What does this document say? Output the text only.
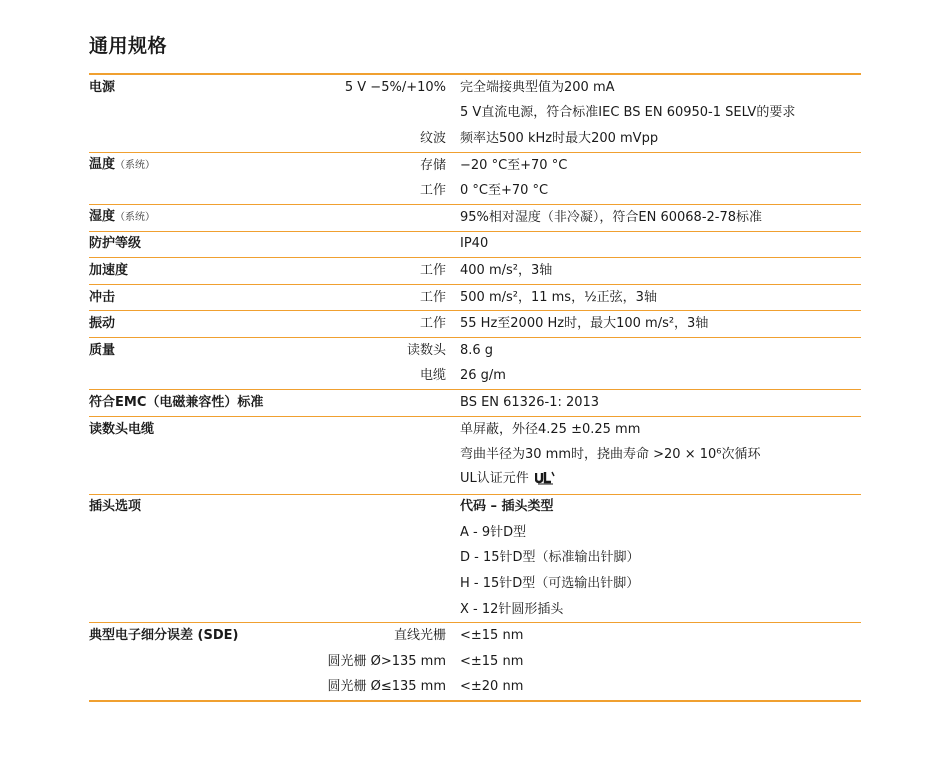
通用规格
电源	5 V −5%/+10%	完全端接典型值为200 mA
		5 V直流电源，符合标准IEC BS EN 60950-1 SELV的要求
	纹波	频率达500 kHz时最大200 mVpp
温度（系统）	存储	−20 °C至+70 °C
	工作	0 °C至+70 °C
湿度（系统）		95%相对湿度（非冷凝），符合EN 60068-2-78标准
防护等级		IP40
加速度	工作	400 m/s²，3轴
冲击	工作	500 m/s²，11 ms，½正弦，3轴
振动	工作	55 Hz至2000 Hz时，最大100 m/s²，3轴
质量	读数头	8.6 g
	电缆	26 g/m
符合EMC（电磁兼容性）标准		BS EN 61326-1: 2013
读数头电缆		单屏蔽，外径4.25 ±0.25 mm
		弯曲半径为30 mm时，挠曲寿命 >20 × 10⁶次循环
		UL认证元件
插头选项		代码 – 插头类型
		A - 9针D型
		D - 15针D型（标准输出针脚）
		H - 15针D型（可选输出针脚）
		X - 12针圆形插头
典型电子细分误差 (SDE)	直线光栅	<±15 nm
	圆光栅 Ø>135 mm	<±15 nm
	圆光栅 Ø≤135 mm	<±20 nm
